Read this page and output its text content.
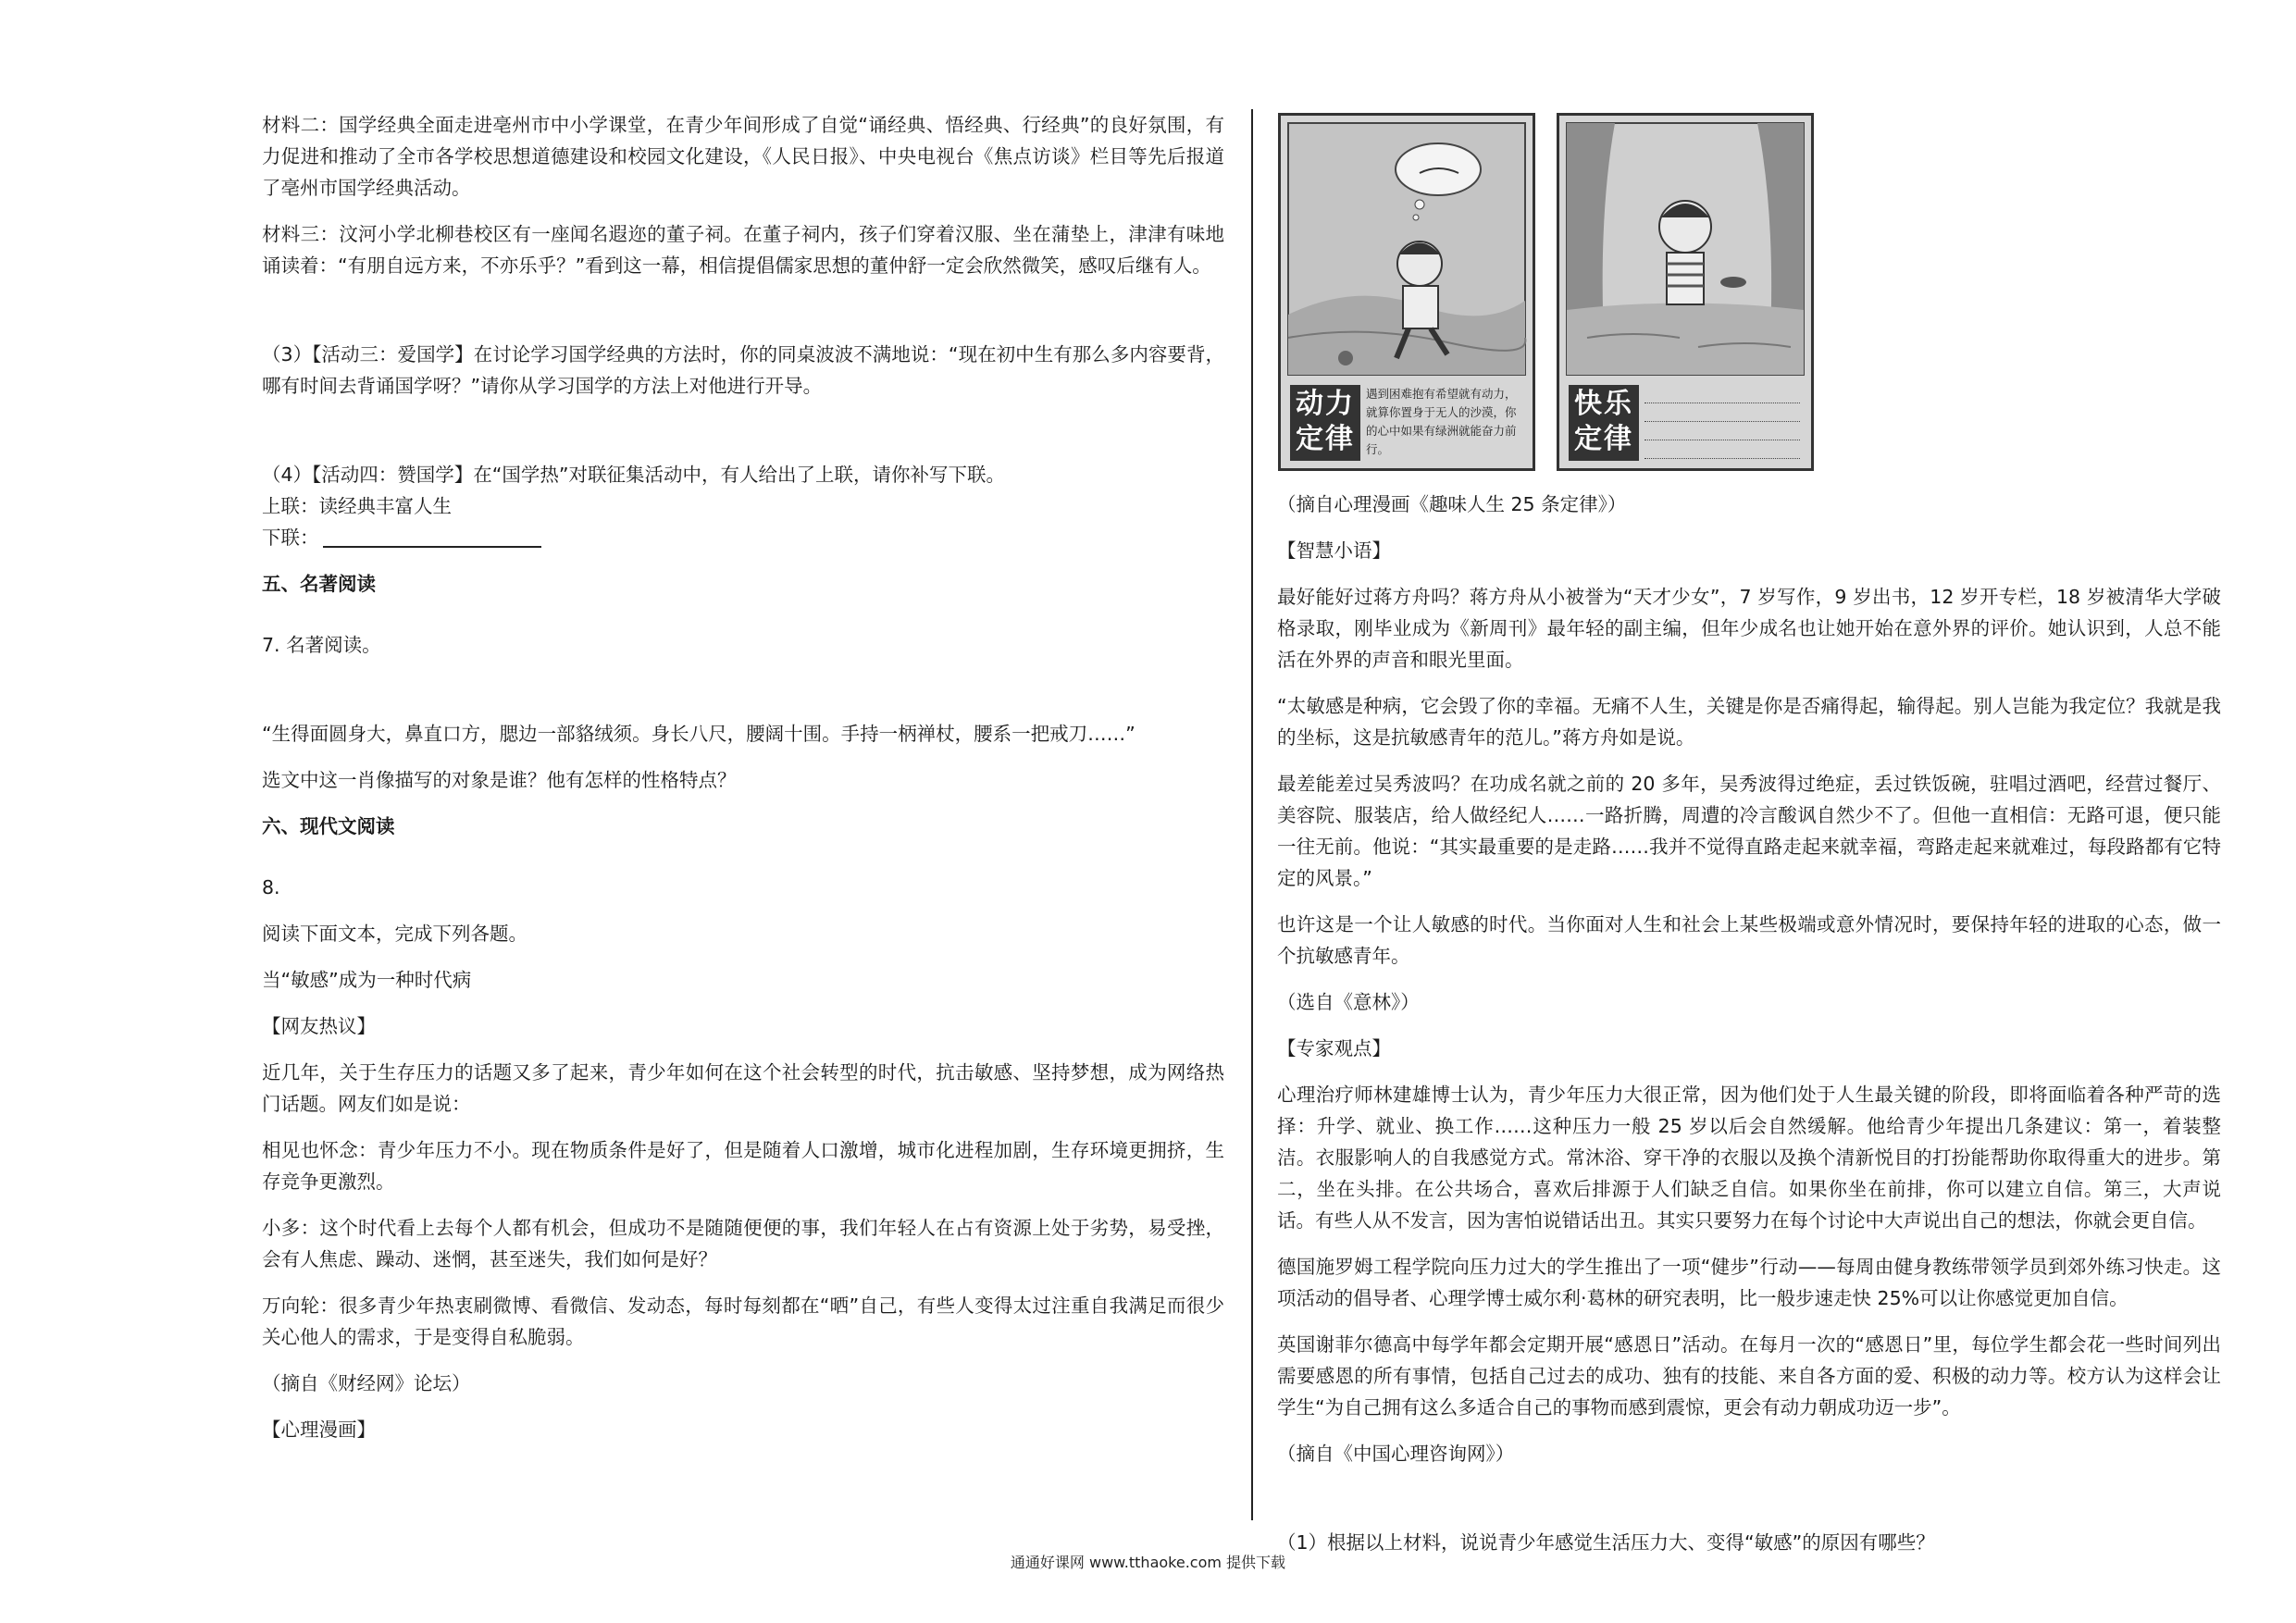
材料二：国学经典全面走进亳州市中小学课堂，在青少年间形成了自觉“诵经典、悟经典、行经典”的良好氛围，有力促进和推动了全市各学校思想道德建设和校园文化建设，《人民日报》、中央电视台《焦点访谈》栏目等先后报道了亳州市国学经典活动。

材料三：汶河小学北柳巷校区有一座闻名遐迩的董子祠。在董子祠内，孩子们穿着汉服、坐在蒲垫上，津津有味地诵读着：“有朋自远方来，不亦乐乎？”看到这一幕，相信提倡儒家思想的董仲舒一定会欣然微笑，感叹后继有人。

（3）【活动三：爱国学】在讨论学习国学经典的方法时，你的同桌波波不满地说：“现在初中生有那么多内容要背，哪有时间去背诵国学呀？”请你从学习国学的方法上对他进行开导。

（4）【活动四：赞国学】在“国学热”对联征集活动中，有人给出了上联，请你补写下联。

上联：读经典丰富人生

下联：

五、名著阅读

7. 名著阅读。

“生得面圆身大，鼻直口方，腮边一部貉绒须。身长八尺，腰阔十围。手持一柄禅杖，腰系一把戒刀……”

选文中这一肖像描写的对象是谁？他有怎样的性格特点？

六、现代文阅读

8.

阅读下面文本，完成下列各题。

当“敏感”成为一种时代病

【网友热议】

近几年，关于生存压力的话题又多了起来，青少年如何在这个社会转型的时代，抗击敏感、坚持梦想，成为网络热门话题。网友们如是说：

相见也怀念：青少年压力不小。现在物质条件是好了，但是随着人口激增，城市化进程加剧，生存环境更拥挤，生存竞争更激烈。

小多：这个时代看上去每个人都有机会，但成功不是随随便便的事，我们年轻人在占有资源上处于劣势，易受挫，会有人焦虑、躁动、迷惘，甚至迷失，我们如何是好？

万向轮：很多青少年热衷刷微博、看微信、发动态，每时每刻都在“晒”自己，有些人变得太过注重自我满足而很少关心他人的需求，于是变得自私脆弱。

（摘自《财经网》论坛）

【心理漫画】

动力定律
遇到困难抱有希望就有动力，就算你置身于无人的沙漠，你的心中如果有绿洲就能奋力前行。
快乐定律

（摘自心理漫画《趣味人生 25 条定律》）

【智慧小语】

最好能好过蒋方舟吗？蒋方舟从小被誉为“天才少女”，7 岁写作，9 岁出书，12 岁开专栏，18 岁被清华大学破格录取，刚毕业成为《新周刊》最年轻的副主编，但年少成名也让她开始在意外界的评价。她认识到，人总不能活在外界的声音和眼光里面。

“太敏感是种病，它会毁了你的幸福。无痛不人生，关键是你是否痛得起，输得起。别人岂能为我定位？我就是我的坐标，这是抗敏感青年的范儿。”蒋方舟如是说。

最差能差过吴秀波吗？在功成名就之前的 20 多年，吴秀波得过绝症，丢过铁饭碗，驻唱过酒吧，经营过餐厅、美容院、服装店，给人做经纪人……一路折腾，周遭的冷言酸讽自然少不了。但他一直相信：无路可退，便只能一往无前。他说：“其实最重要的是走路……我并不觉得直路走起来就幸福，弯路走起来就难过，每段路都有它特定的风景。”

也许这是一个让人敏感的时代。当你面对人生和社会上某些极端或意外情况时，要保持年轻的进取的心态，做一个抗敏感青年。

（选自《意林》）

【专家观点】

心理治疗师林建雄博士认为，青少年压力大很正常，因为他们处于人生最关键的阶段，即将面临着各种严苛的选择：升学、就业、换工作……这种压力一般 25 岁以后会自然缓解。他给青少年提出几条建议：第一，着装整洁。衣服影响人的自我感觉方式。常沐浴、穿干净的衣服以及换个清新悦目的打扮能帮助你取得重大的进步。第二，坐在头排。在公共场合，喜欢后排源于人们缺乏自信。如果你坐在前排，你可以建立自信。第三，大声说话。有些人从不发言，因为害怕说错话出丑。其实只要努力在每个讨论中大声说出自己的想法，你就会更自信。

德国施罗姆工程学院向压力过大的学生推出了一项“健步”行动——每周由健身教练带领学员到郊外练习快走。这项活动的倡导者、心理学博士威尔利·葛林的研究表明，比一般步速走快 25%可以让你感觉更加自信。

英国谢菲尔德高中每学年都会定期开展“感恩日”活动。在每月一次的“感恩日”里，每位学生都会花一些时间列出需要感恩的所有事情，包括自己过去的成功、独有的技能、来自各方面的爱、积极的动力等。校方认为这样会让学生“为自己拥有这么多适合自己的事物而感到震惊，更会有动力朝成功迈一步”。

（摘自《中国心理咨询网》）

（1）根据以上材料，说说青少年感觉生活压力大、变得“敏感”的原因有哪些？

通通好课网 www.tthaoke.com 提供下载
